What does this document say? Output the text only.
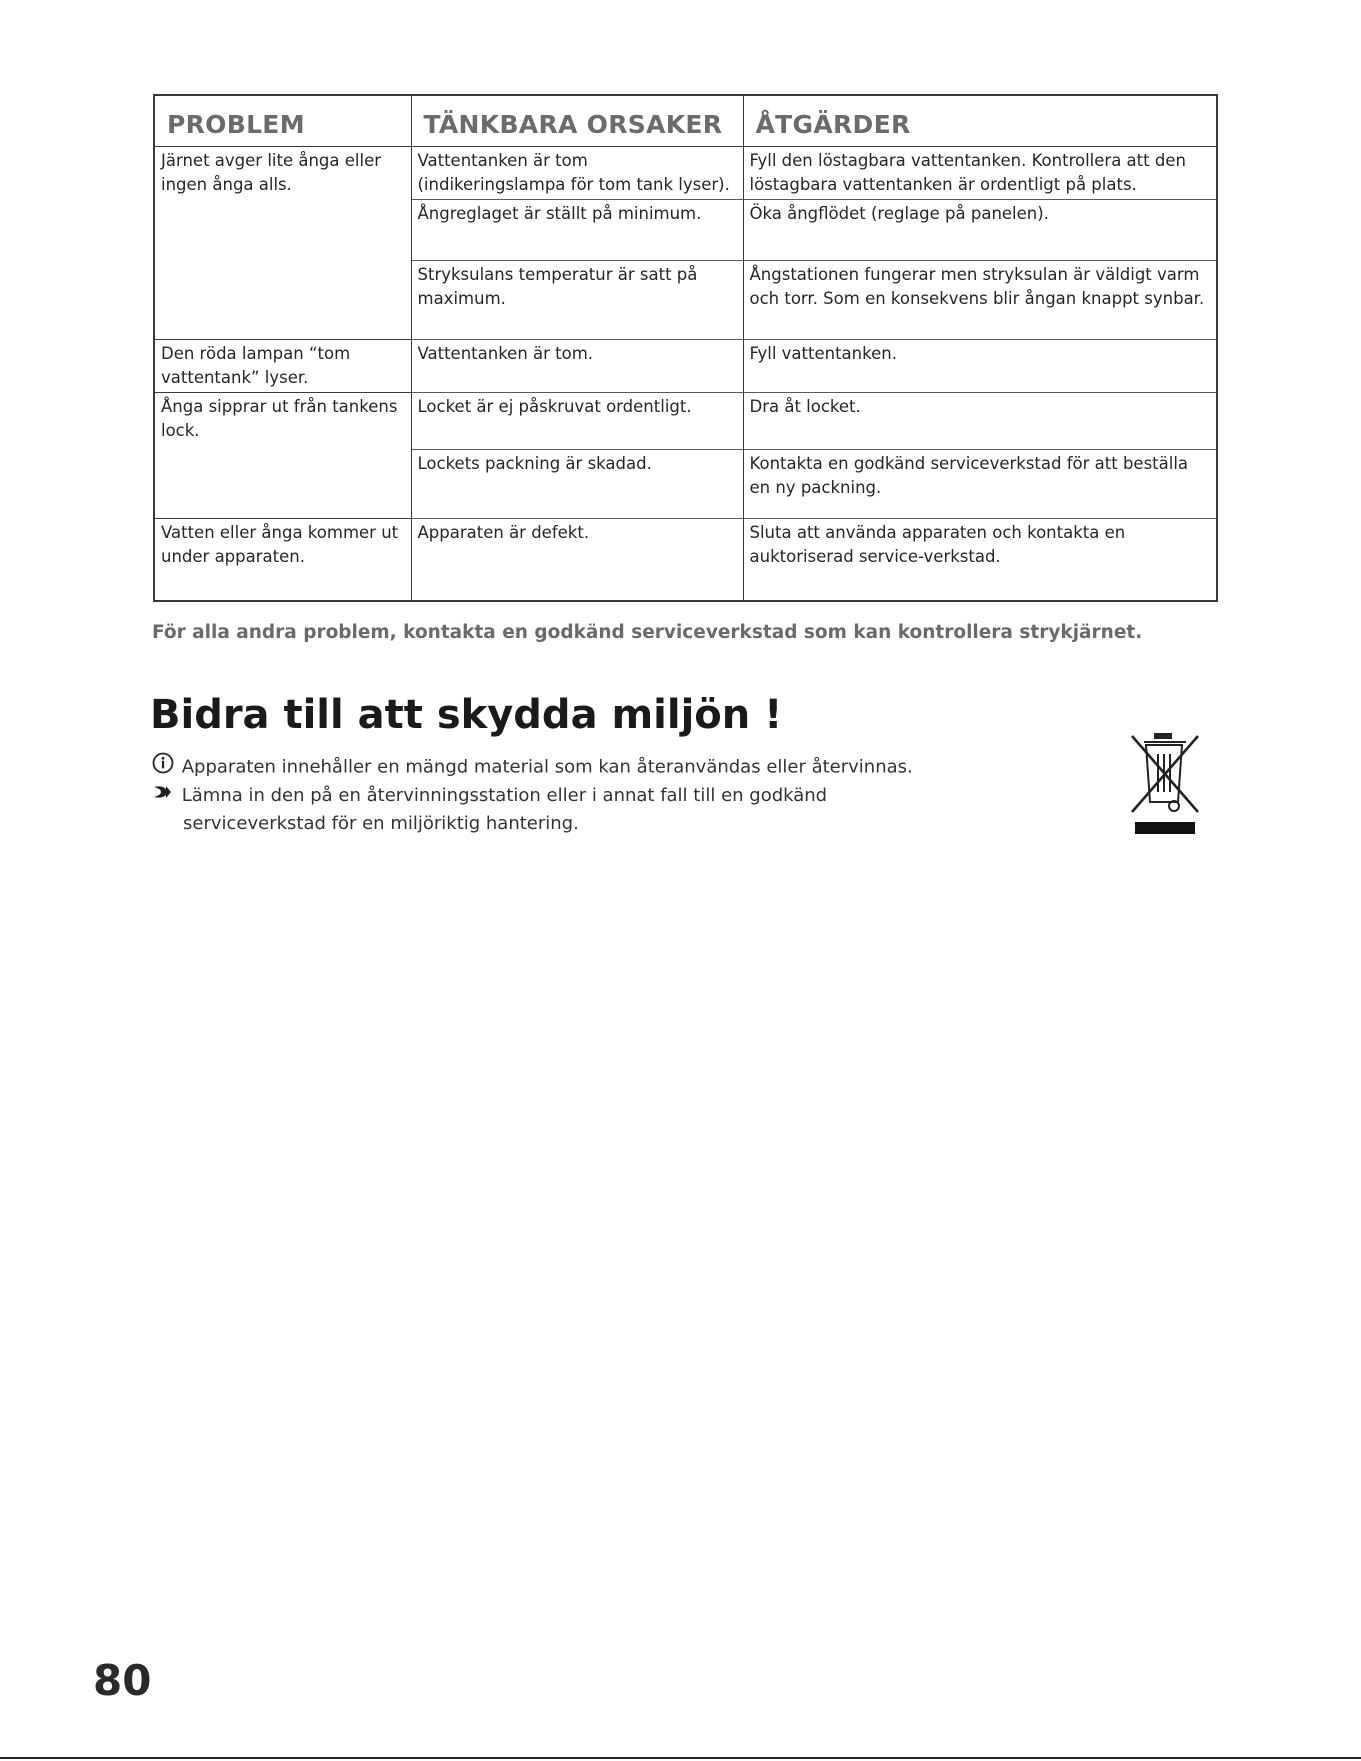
PROBLEM	TÄNKBARA ORSAKER	ÅTGÄRDER
Järnet avger lite ånga eller ingen ånga alls.	Vattentanken är tom (indikeringslampa för tom tank lyser).	Fyll den löstagbara vattentanken. Kontrollera att den löstagbara vattentanken är ordentligt på plats.
	Ångreglaget är ställt på minimum.	Öka ångflödet (reglage på panelen).
	Stryksulans temperatur är satt på maximum.	Ångstationen fungerar men stryksulan är väldigt varm och torr. Som en konsekvens blir ångan knappt synbar.
Den röda lampan “tom vattentank” lyser.	Vattentanken är tom.	Fyll vattentanken.
Ånga sipprar ut från tankens lock.	Locket är ej påskruvat ordentligt.	Dra åt locket.
	Lockets packning är skadad.	Kontakta en godkänd serviceverkstad för att beställa en ny packning.
Vatten eller ånga kommer ut under apparaten.	Apparaten är defekt.	Sluta att använda apparaten och kontakta en auktoriserad service-verkstad.
För alla andra problem, kontakta en godkänd serviceverkstad som kan kontrollera strykjärnet.
Bidra till att skydda miljön !
Apparaten innehåller en mängd material som kan återanvändas eller återvinnas.
Lämna in den på en återvinningsstation eller i annat fall till en godkänd
serviceverkstad för en miljöriktig hantering.
80
